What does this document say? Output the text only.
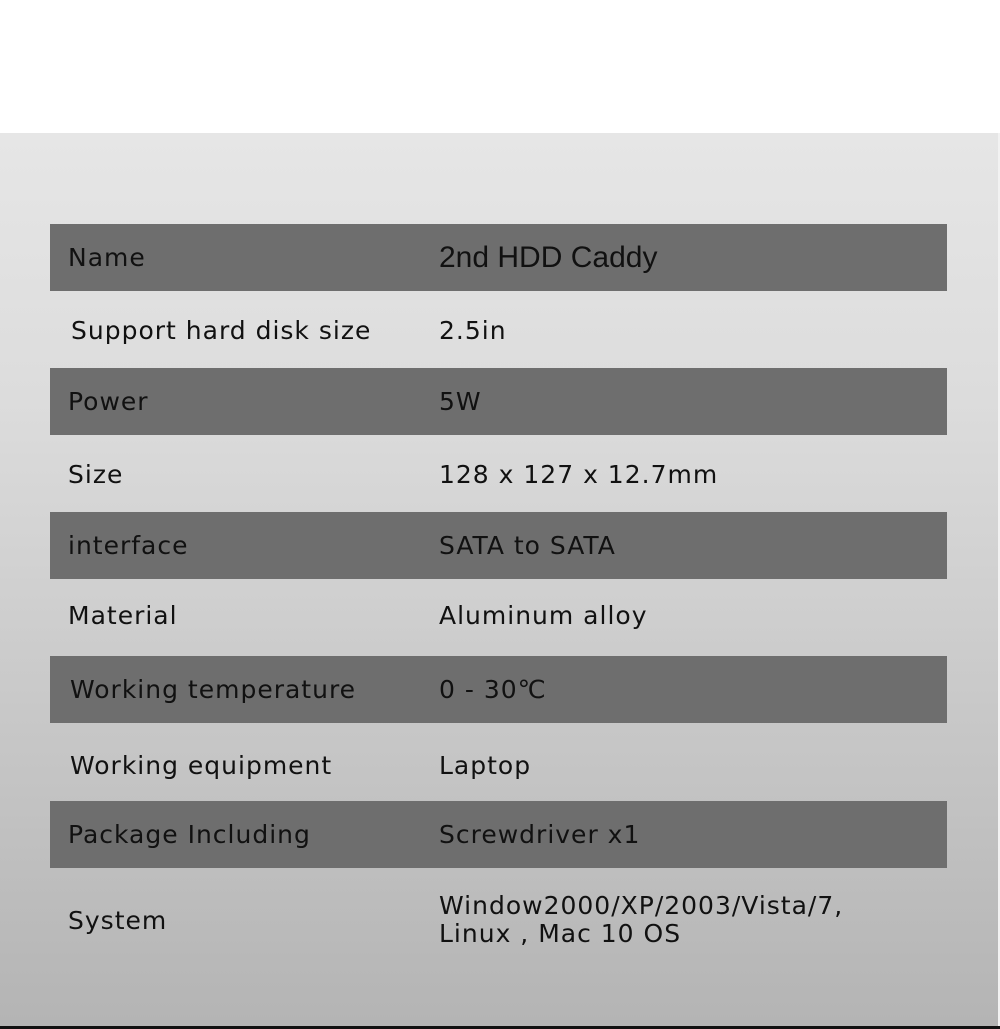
Name	2nd HDD Caddy
Support hard disk size	2.5in
Power	5W
Size	128 x 127 x 12.7mm
interface	SATA to SATA
Material	Aluminum alloy
Working temperature	0 - 30℃
Working equipment	Laptop
Package Including	Screwdriver x1
System	Window2000/XP/2003/Vista/7,
Linux , Mac 10 OS
